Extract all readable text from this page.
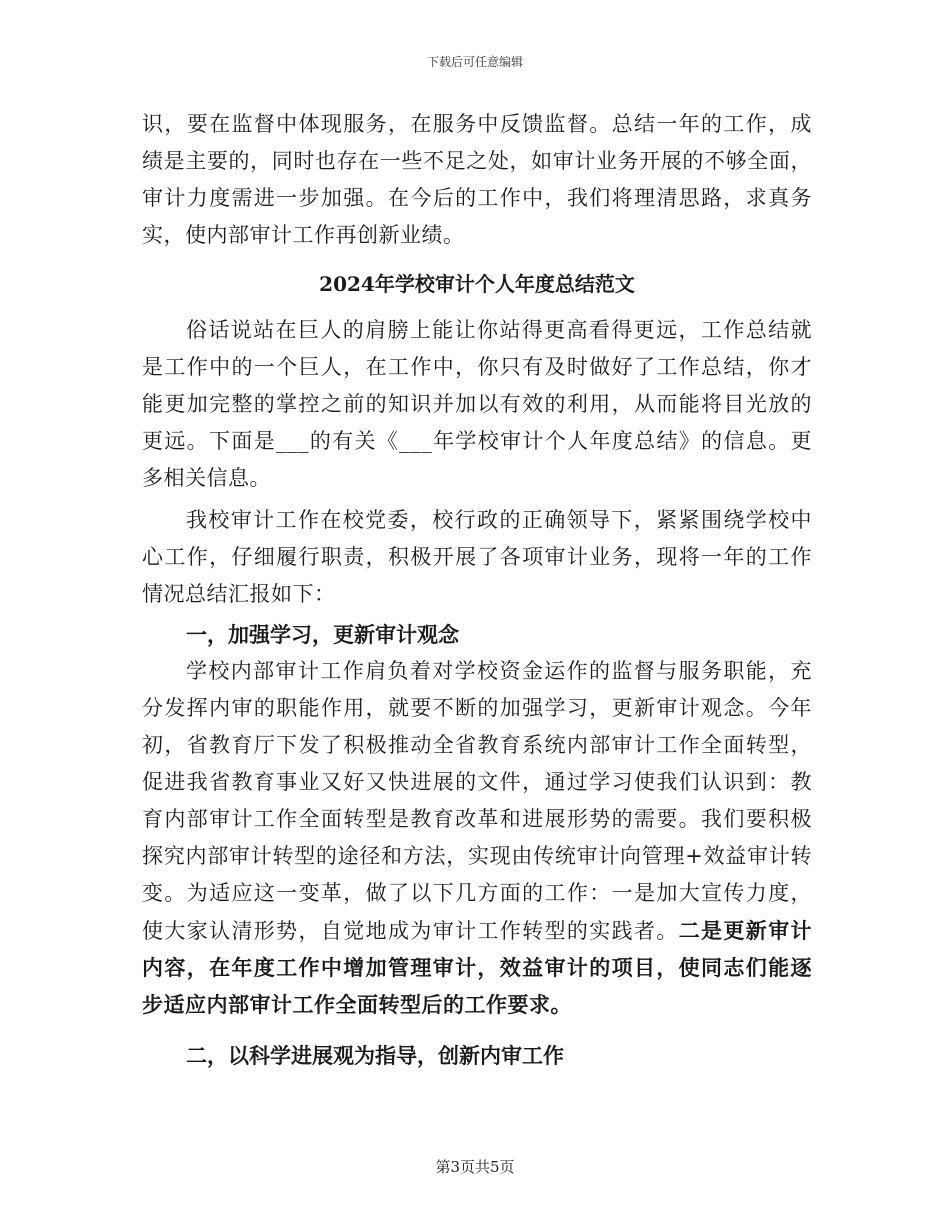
下载后可任意编辑
识，要在监督中体现服务，在服务中反馈监督。总结一年的工作，成
绩是主要的，同时也存在一些不足之处，如审计业务开展的不够全面，
审计力度需进一步加强。在今后的工作中，我们将理清思路，求真务
实，使内部审计工作再创新业绩。
2024年学校审计个人年度总结范文
俗话说站在巨人的肩膀上能让你站得更高看得更远，工作总结就
是工作中的一个巨人，在工作中，你只有及时做好了工作总结，你才
能更加完整的掌控之前的知识并加以有效的利用，从而能将目光放的
更远。下面是___的有关《___年学校审计个人年度总结》的信息。更
多相关信息。
我校审计工作在校党委，校行政的正确领导下，紧紧围绕学校中
心工作，仔细履行职责，积极开展了各项审计业务，现将一年的工作
情况总结汇报如下：
一，加强学习，更新审计观念
学校内部审计工作肩负着对学校资金运作的监督与服务职能，充
分发挥内审的职能作用，就要不断的加强学习，更新审计观念。今年
初，省教育厅下发了积极推动全省教育系统内部审计工作全面转型，
促进我省教育事业又好又快进展的文件，通过学习使我们认识到：教
育内部审计工作全面转型是教育改革和进展形势的需要。我们要积极
探究内部审计转型的途径和方法，实现由传统审计向管理+效益审计转
变。为适应这一变革，做了以下几方面的工作：一是加大宣传力度，
使大家认清形势，自觉地成为审计工作转型的实践者。二是更新审计
内容，在年度工作中增加管理审计，效益审计的项目，使同志们能逐
步适应内部审计工作全面转型后的工作要求。
二，以科学进展观为指导，创新内审工作
第3页共5页
